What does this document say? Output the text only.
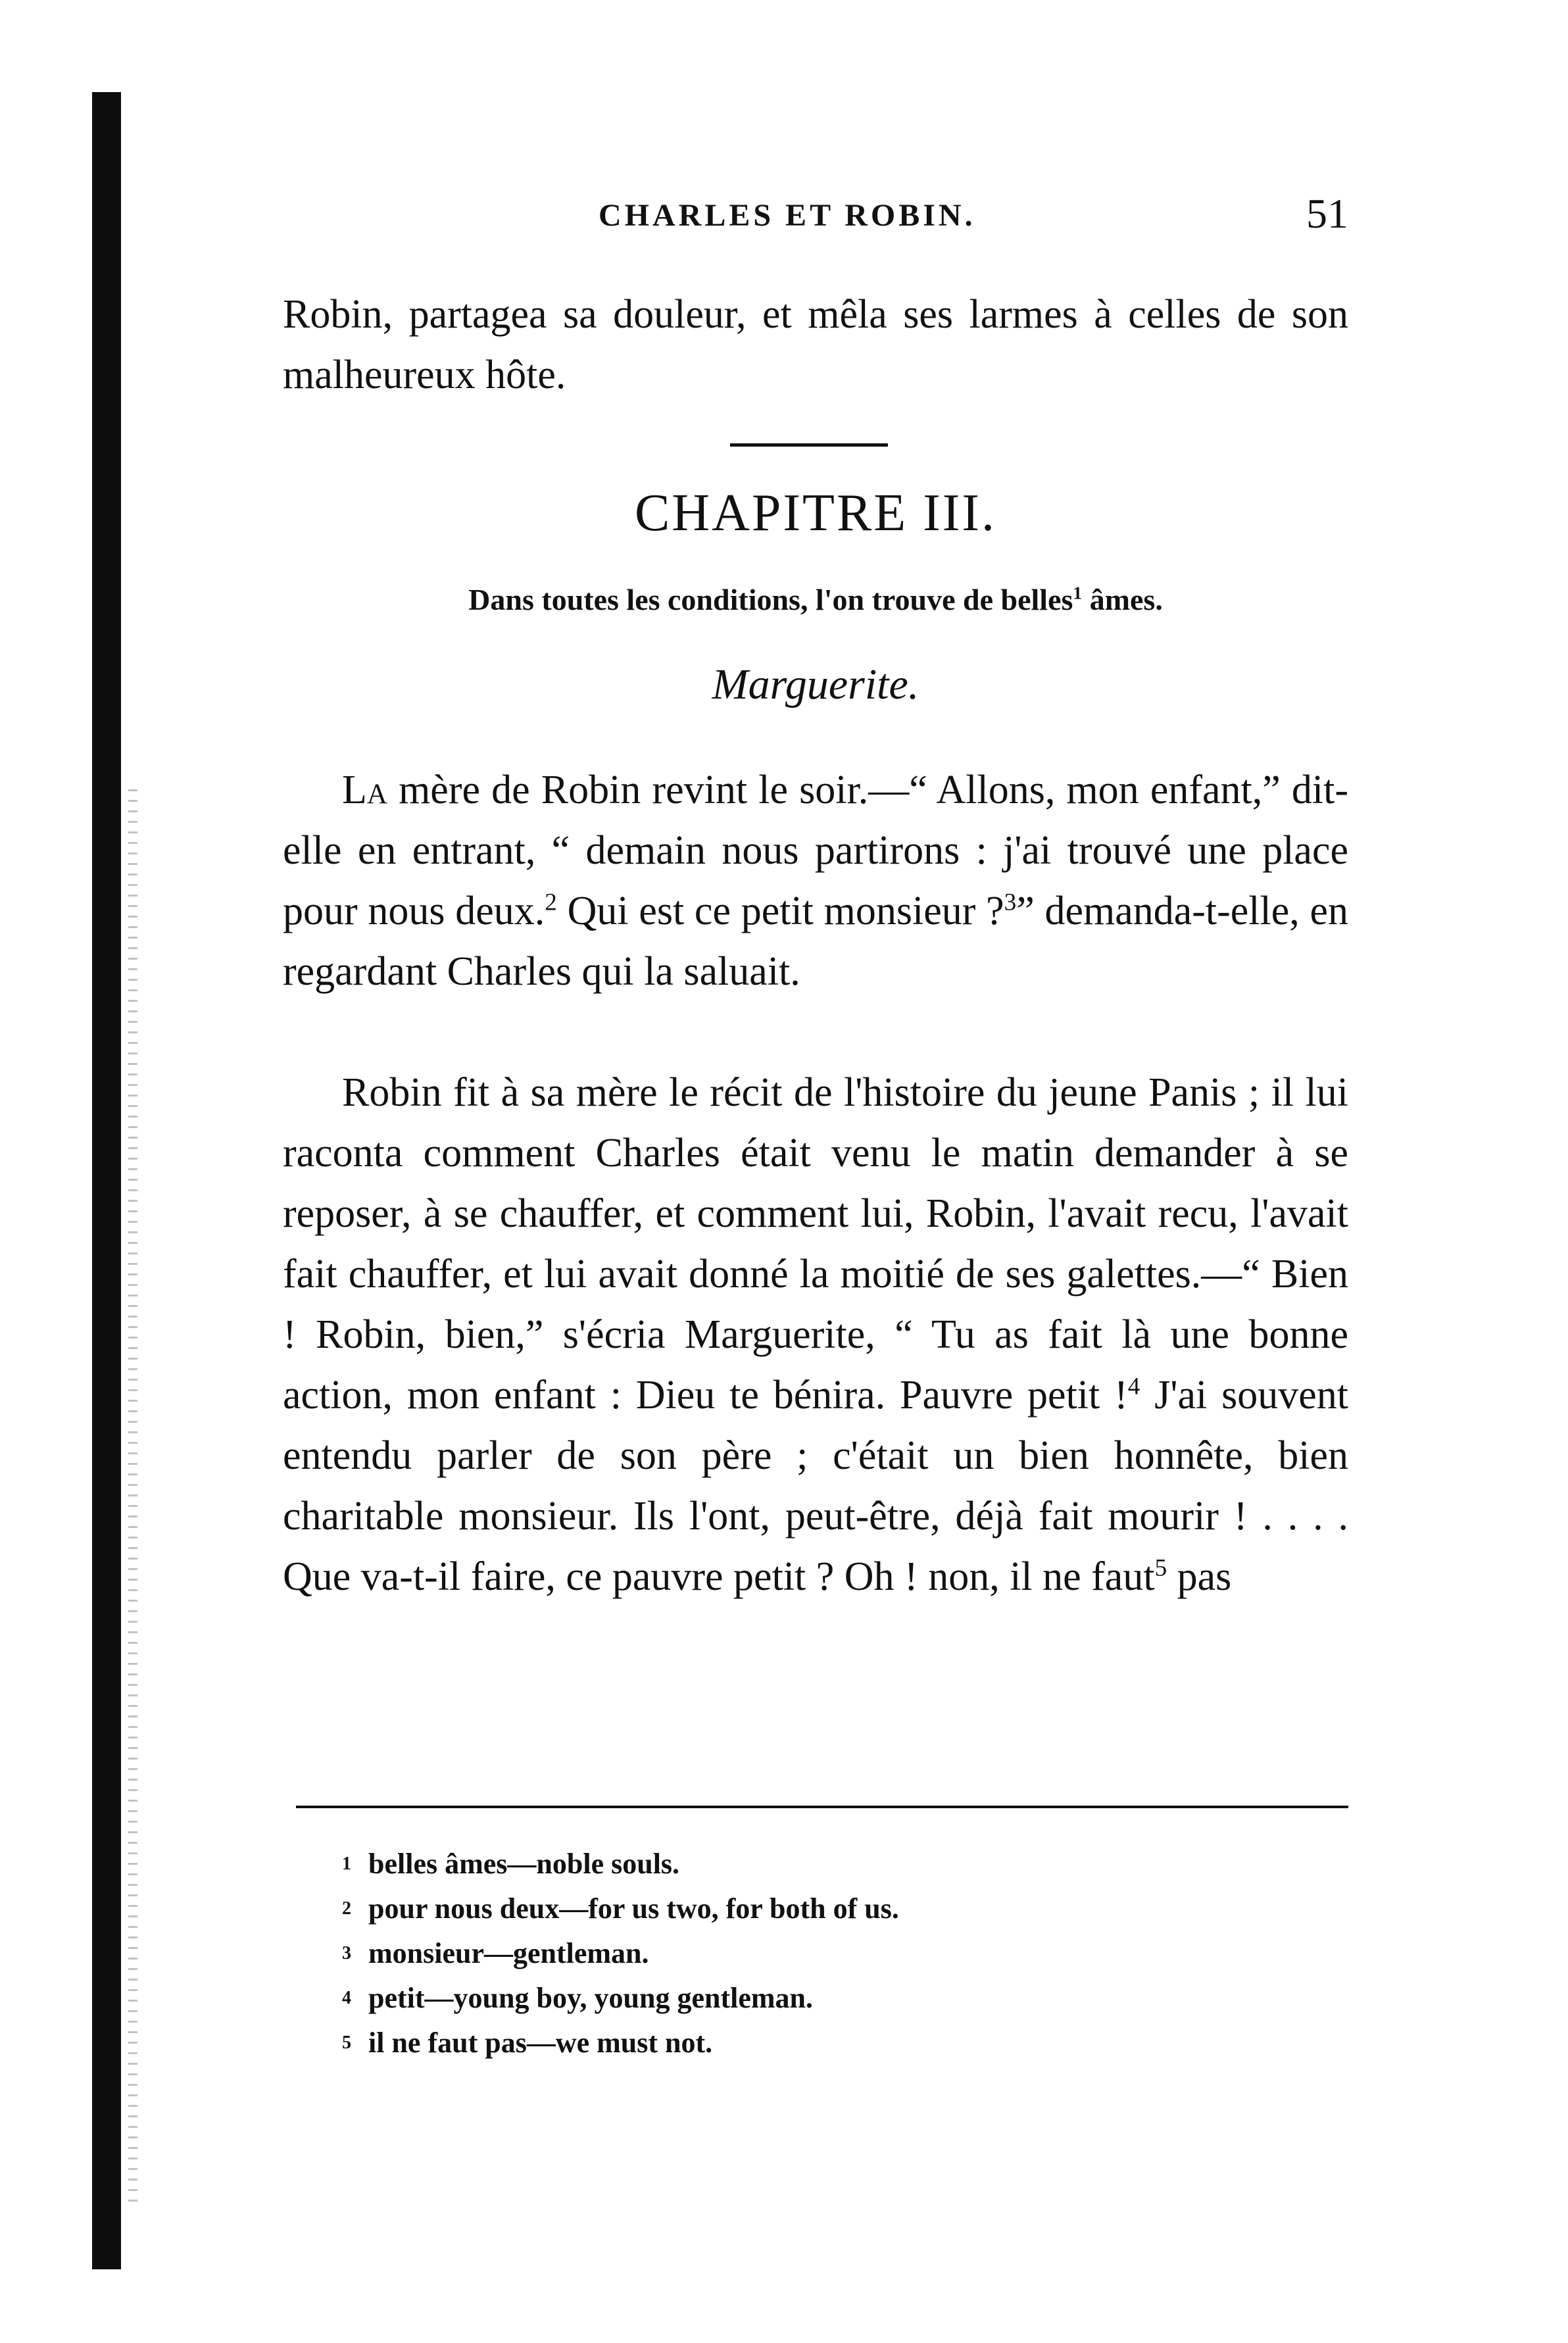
CHARLES ET ROBIN.	51

Robin, partagea sa douleur, et mêla ses larmes à celles de son malheureux hôte.

CHAPITRE III.
Dans toutes les conditions, l'on trouve de belles$^1$ âmes.
Marguerite.

La mère de Robin revint le soir.—“ Allons, mon enfant,” dit-elle en entrant, “ demain nous partirons : j'ai trouvé une place pour nous deux.$^2$ Qui est ce petit monsieur ?$^3$” demanda-t-elle, en regardant Charles qui la saluait.

Robin fit à sa mère le récit de l'histoire du jeune Panis ; il lui raconta comment Charles était venu le matin demander à se reposer, à se chauffer, et comment lui, Robin, l'avait recu, l'avait fait chauffer, et lui avait donné la moitié de ses galettes.—“ Bien ! Robin, bien,” s'écria Marguerite, “ Tu as fait là une bonne action, mon enfant : Dieu te bénira. Pauvre petit !$^4$ J'ai souvent entendu parler de son père ; c'était un bien honnête, bien charitable monsieur. Ils l'ont, peut-être, déjà fait mourir ! . . . . Que va-t-il faire, ce pauvre petit ? Oh ! non, il ne faut$^5$ pas

1 belles âmes—noble souls.
2 pour nous deux—for us two, for both of us.
3 monsieur—gentleman.
4 petit—young boy, young gentleman.
5 il ne faut pas—we must not.
